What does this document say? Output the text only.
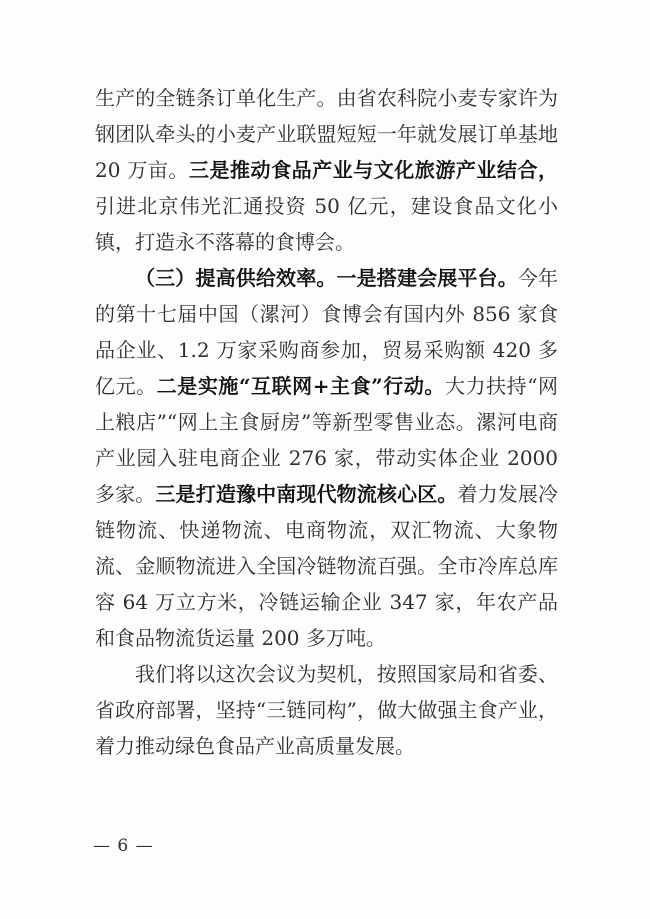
生产的全链条订单化生产。由省农科院小麦专家许为钢团队牵头的小麦产业联盟短短一年就发展订单基地 20 万亩。三是推动食品产业与文化旅游产业结合，引进北京伟光汇通投资 50 亿元，建设食品文化小镇，打造永不落幕的食博会。

（三）提高供给效率。一是搭建会展平台。今年的第十七届中国（漯河）食博会有国内外 856 家食品企业、1.2 万家采购商参加，贸易采购额 420 多亿元。二是实施“互联网+主食”行动。大力扶持“网上粮店”“网上主食厨房”等新型零售业态。漯河电商产业园入驻电商企业 276 家，带动实体企业 2000 多家。三是打造豫中南现代物流核心区。着力发展冷链物流、快递物流、电商物流，双汇物流、大象物流、金顺物流进入全国冷链物流百强。全市冷库总库容 64 万立方米，冷链运输企业 347 家，年农产品和食品物流货运量 200 多万吨。

我们将以这次会议为契机，按照国家局和省委、省政府部署，坚持“三链同构”，做大做强主食产业，着力推动绿色食品产业高质量发展。

— 6 —
